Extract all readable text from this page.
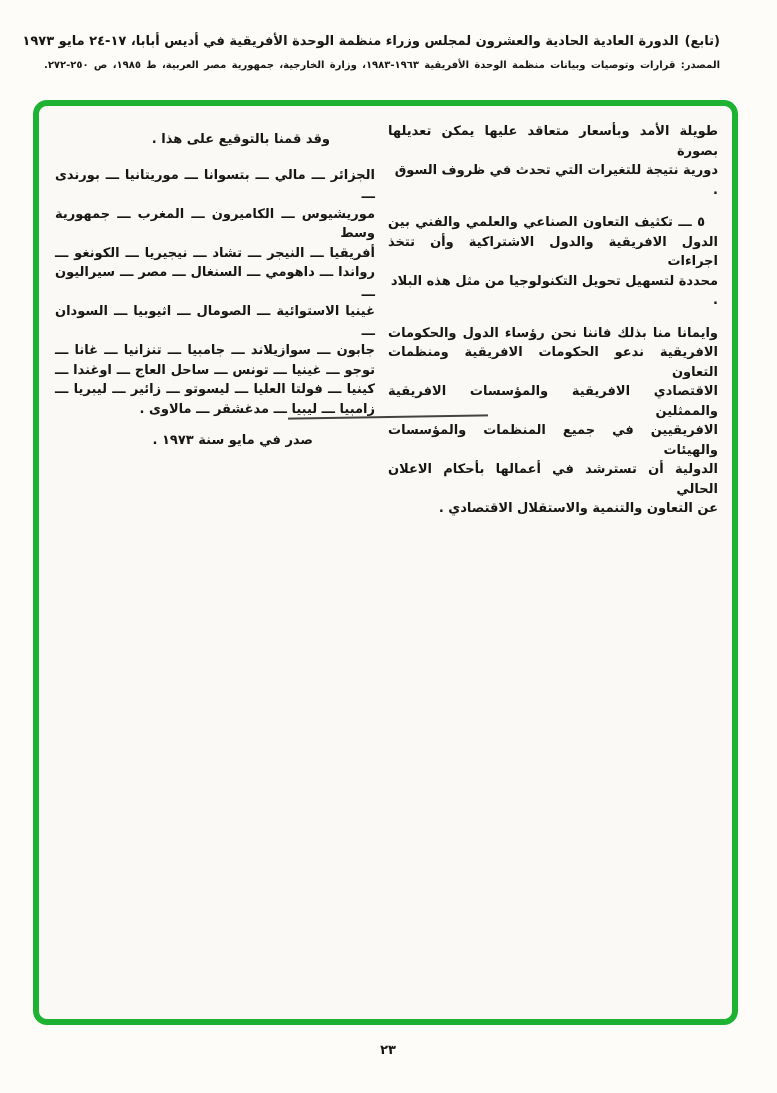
(تابع)
الدورة العادية الحادية والعشرون لمجلس وزراء منظمة الوحدة الأفريقية في أديس أبابا، ١٧-٢٤ مايو ١٩٧٣
المصدر: قرارات وتوصيات وبيانات منظمة الوحدة الأفريقية ١٩٦٣-١٩٨٣، وزارة الخارجية، جمهورية مصر العربية، ط ١٩٨٥، ص ٢٥٠-٢٧٢.
طويلة الأمد وبأسعار متعاقد عليها يمكن تعديلها بصورة
دورية نتيجة للتغيرات التي تحدث في ظروف السوق .
٥ ـــ تكثيف التعاون الصناعي والعلمي والفني بين
الدول الافريقية والدول الاشتراكية وأن تتخذ اجراءات
محددة لتسهيل تحويل التكنولوجيا من مثل هذه البلاد .
وايمانا منا بذلك فاننا نحن رؤساء الدول والحكومات
الافريقية ندعو الحكومات الافريقية ومنظمات التعاون
الاقتصادي الافريقية والمؤسسات الافريقية والممثلين
الافريقيين في جميع المنظمات والمؤسسات والهيئات
الدولية أن تسترشد في أعمالها بأحكام الاعلان الحالي
عن التعاون والتنمية والاستقلال الاقتصادي .
وقد قمنا بالتوقيع على هذا .
الجزائر ـــ مالي ـــ بتسوانا ـــ موريتانيا ـــ بورندى ـــ
موريشيوس ـــ الكاميرون ـــ المغرب ـــ جمهورية وسط
أفريقيا ـــ النيجر ـــ تشاد ـــ نيجيريا ـــ الكونغو ـــ
رواندا ـــ داهومي ـــ السنغال ـــ مصر ـــ سيراليون ـــ
غينيا الاستوائية ـــ الصومال ـــ اثيوبيا ـــ السودان ـــ
جابون ـــ سوازيلاند ـــ جامبيا ـــ تنزانيا ـــ غانا ـــ
توجو ـــ غينيا ـــ تونس ـــ ساحل العاج ـــ اوغندا ـــ
كينيا ـــ فولتا العليا ـــ ليسوتو ـــ زائير ـــ ليبريا ـــ
زامبيا ـــ ليبيا ـــ مدغشقر ـــ مالاوى .
صدر في مايو سنة ١٩٧٣ .
٢٣
